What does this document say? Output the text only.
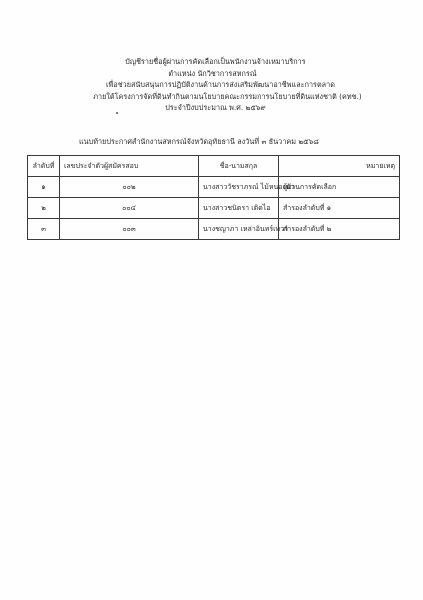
บัญชีรายชื่อผู้ผ่านการคัดเลือกเป็นพนักงานจ้างเหมาบริการ
ตำแหน่ง นักวิชาการสหกรณ์
เพื่อช่วยสนับสนุนการปฏิบัติงานด้านการส่งเสริมพัฒนาอาชีพและการตลาด
ภายใต้โครงการจัดที่ดินทำกินตามนโยบายคณะกรรมการนโยบายที่ดินแห่งชาติ (คทช.)
ประจำปีงบประมาณ พ.ศ. ๒๕๖๙
แนบท้ายประกาศสำนักงานสหกรณ์จังหวัดอุทัยธานี ลงวันที่ ๓ ธันวาคม ๒๕๖๘
ลำดับที่	เลขประจำตัวผู้สมัครสอบ	ชื่อ-นามสกุล	หมายเหตุ
๑	๐๐๒	นางสาววัชราภรณ์ ไม้หนองบัว	ผู้ผ่านการคัดเลือก
๒	๐๐๔	นางสาวชนิตรา เติดไอ	สำรองลำดับที่ ๑
๓	๐๐๓	นางชญาภา เหล่าอินทร์เทวา	สำรองลำดับที่ ๒
